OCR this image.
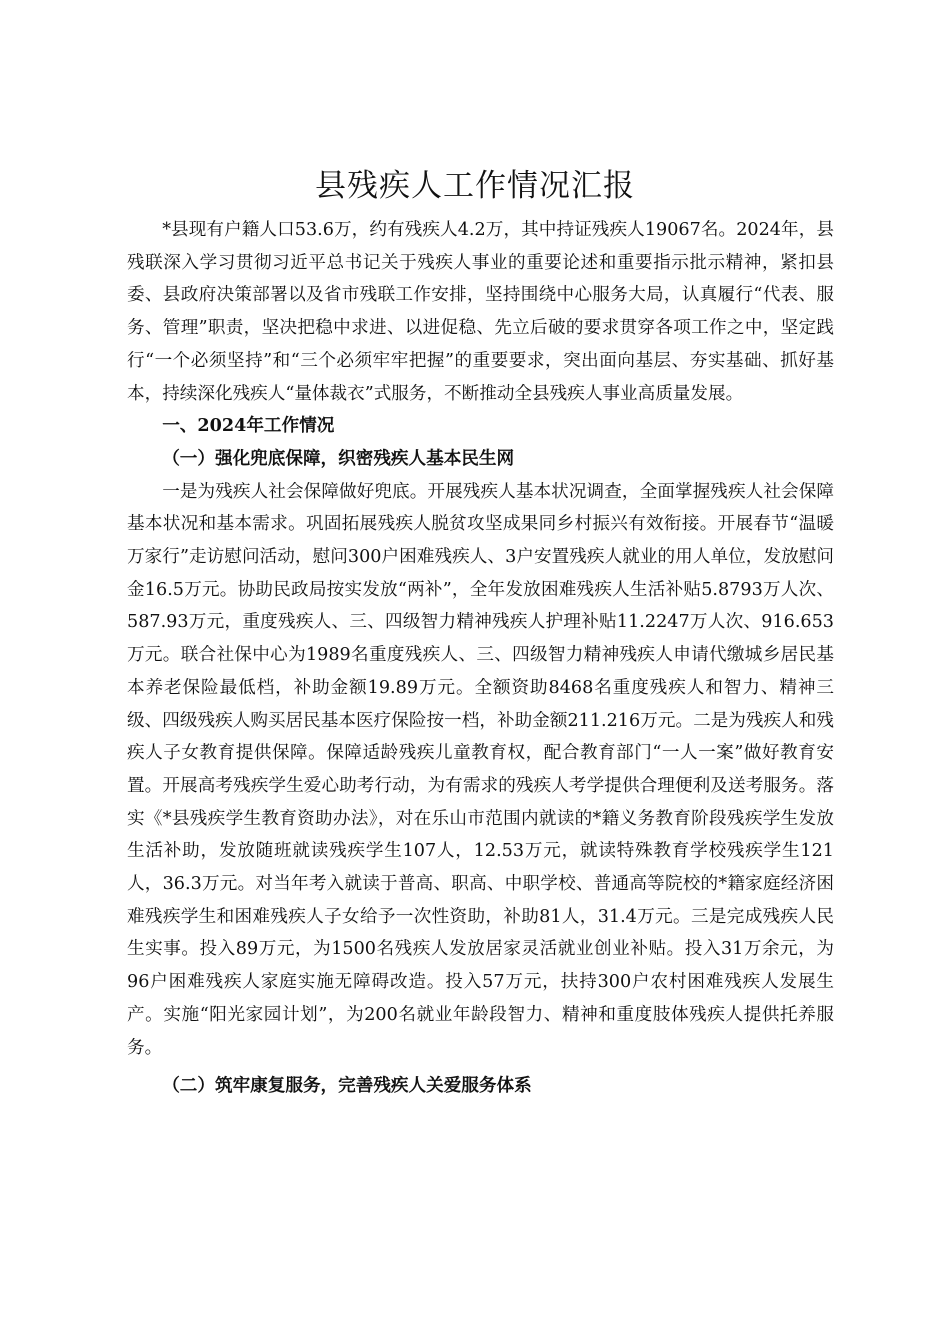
县残疾人工作情况汇报

*县现有户籍人口53.6万，约有残疾人4.2万，其中持证残疾人19067名。2024年，县残联深入学习贯彻习近平总书记关于残疾人事业的重要论述和重要指示批示精神，紧扣县委、县政府决策部署以及省市残联工作安排，坚持围绕中心服务大局，认真履行“代表、服务、管理”职责，坚决把稳中求进、以进促稳、先立后破的要求贯穿各项工作之中，坚定践行“一个必须坚持”和“三个必须牢牢把握”的重要要求，突出面向基层、夯实基础、抓好基本，持续深化残疾人“量体裁衣”式服务，不断推动全县残疾人事业高质量发展。

一、2024年工作情况

（一）强化兜底保障，织密残疾人基本民生网

一是为残疾人社会保障做好兜底。开展残疾人基本状况调查，全面掌握残疾人社会保障基本状况和基本需求。巩固拓展残疾人脱贫攻坚成果同乡村振兴有效衔接。开展春节“温暖万家行”走访慰问活动，慰问300户困难残疾人、3户安置残疾人就业的用人单位，发放慰问金16.5万元。协助民政局按实发放“两补”，全年发放困难残疾人生活补贴5.8793万人次、587.93万元，重度残疾人、三、四级智力精神残疾人护理补贴11.2247万人次、916.653万元。联合社保中心为1989名重度残疾人、三、四级智力精神残疾人申请代缴城乡居民基本养老保险最低档，补助金额19.89万元。全额资助8468名重度残疾人和智力、精神三级、四级残疾人购买居民基本医疗保险按一档，补助金额211.216万元。二是为残疾人和残疾人子女教育提供保障。保障适龄残疾儿童教育权，配合教育部门“一人一案”做好教育安置。开展高考残疾学生爱心助考行动，为有需求的残疾人考学提供合理便利及送考服务。落实《*县残疾学生教育资助办法》，对在乐山市范围内就读的*籍义务教育阶段残疾学生发放生活补助，发放随班就读残疾学生107人，12.53万元，就读特殊教育学校残疾学生121人，36.3万元。对当年考入就读于普高、职高、中职学校、普通高等院校的*籍家庭经济困难残疾学生和困难残疾人子女给予一次性资助，补助81人，31.4万元。三是完成残疾人民生实事。投入89万元，为1500名残疾人发放居家灵活就业创业补贴。投入31万余元，为96户困难残疾人家庭实施无障碍改造。投入57万元，扶持300户农村困难残疾人发展生产。实施“阳光家园计划”，为200名就业年龄段智力、精神和重度肢体残疾人提供托养服务。

（二）筑牢康复服务，完善残疾人关爱服务体系
